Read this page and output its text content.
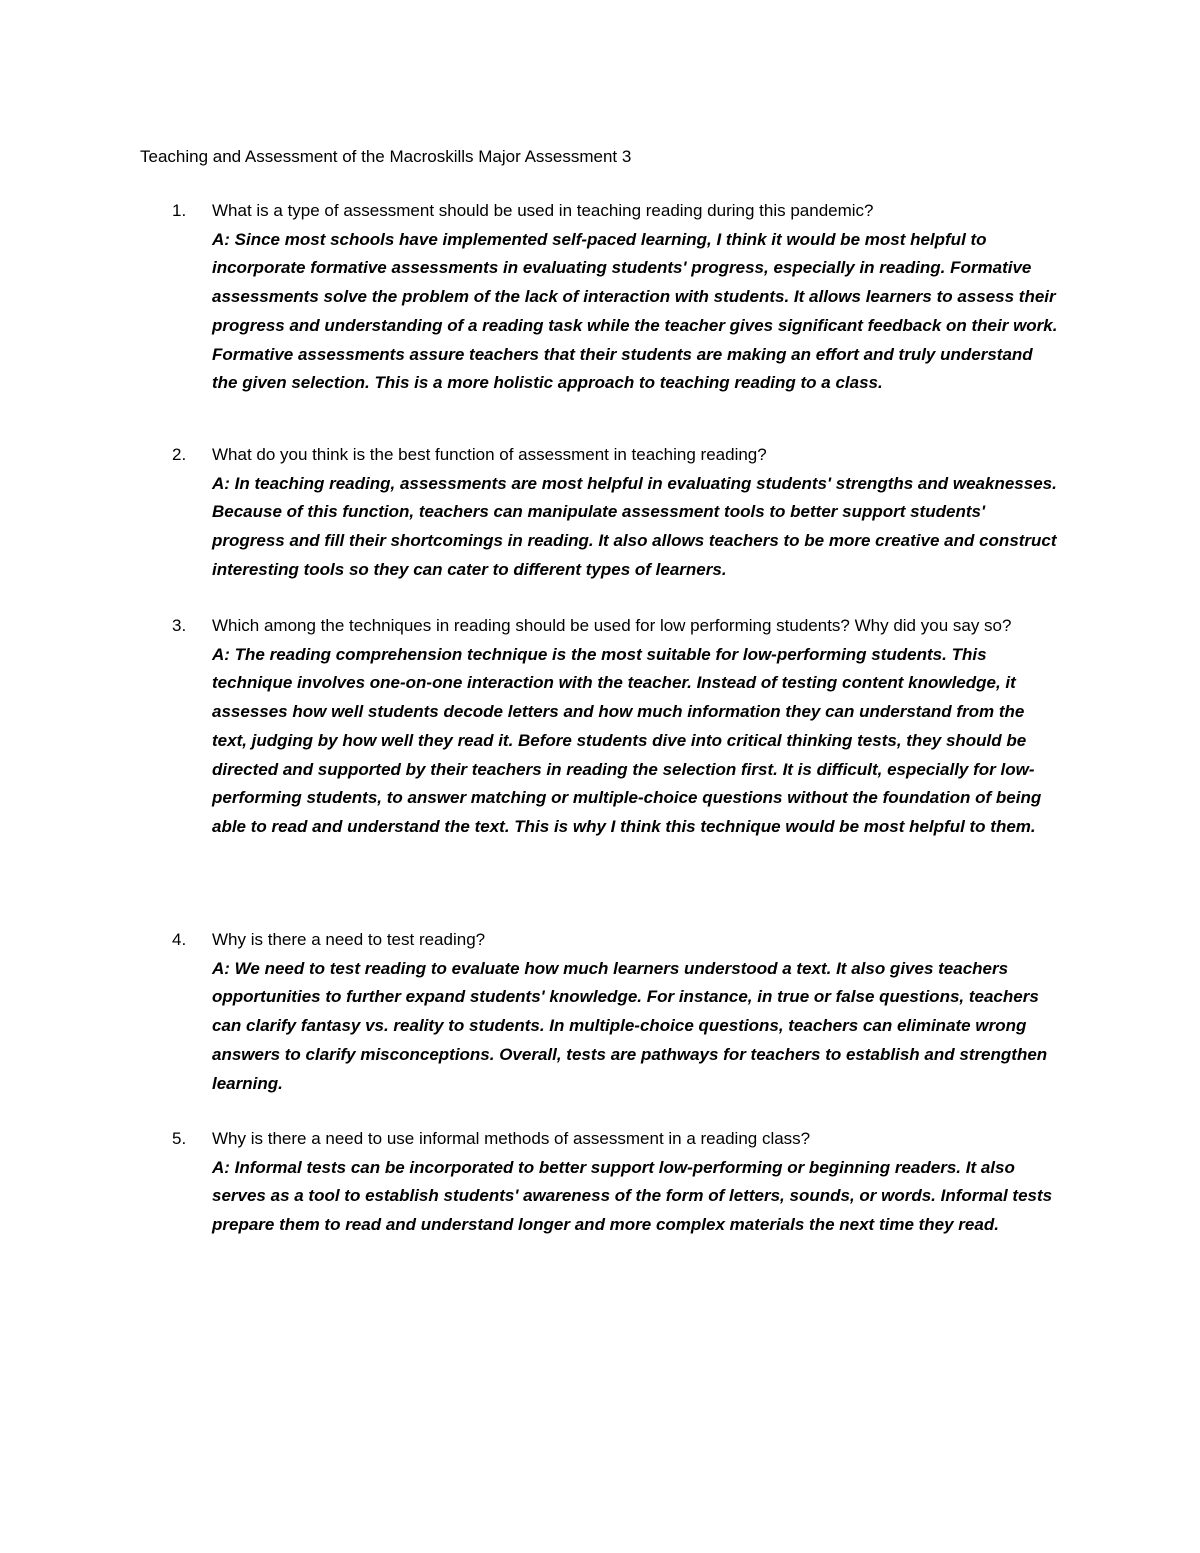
Teaching and Assessment of the Macroskills Major Assessment 3
1. What is a type of assessment should be used in teaching reading during this pandemic?

A: Since most schools have implemented self-paced learning, I think it would be most helpful to incorporate formative assessments in evaluating students' progress, especially in reading. Formative assessments solve the problem of the lack of interaction with students. It allows learners to assess their progress and understanding of a reading task while the teacher gives significant feedback on their work. Formative assessments assure teachers that their students are making an effort and truly understand the given selection. This is a more holistic approach to teaching reading to a class.

2. What do you think is the best function of assessment in teaching reading?

A: In teaching reading, assessments are most helpful in evaluating students' strengths and weaknesses. Because of this function, teachers can manipulate assessment tools to better support students' progress and fill their shortcomings in reading. It also allows teachers to be more creative and construct interesting tools so they can cater to different types of learners.

3. Which among the techniques in reading should be used for low performing students? Why did you say so?

A: The reading comprehension technique is the most suitable for low-performing students. This technique involves one-on-one interaction with the teacher. Instead of testing content knowledge, it assesses how well students decode letters and how much information they can understand from the text, judging by how well they read it. Before students dive into critical thinking tests, they should be directed and supported by their teachers in reading the selection first. It is difficult, especially for low-performing students, to answer matching or multiple-choice questions without the foundation of being able to read and understand the text. This is why I think this technique would be most helpful to them.

4. Why is there a need to test reading?

A: We need to test reading to evaluate how much learners understood a text. It also gives teachers opportunities to further expand students' knowledge. For instance, in true or false questions, teachers can clarify fantasy vs. reality to students. In multiple-choice questions, teachers can eliminate wrong answers to clarify misconceptions. Overall, tests are pathways for teachers to establish and strengthen learning.

5. Why is there a need to use informal methods of assessment in a reading class?

A: Informal tests can be incorporated to better support low-performing or beginning readers. It also serves as a tool to establish students' awareness of the form of letters, sounds, or words. Informal tests prepare them to read and understand longer and more complex materials the next time they read.
